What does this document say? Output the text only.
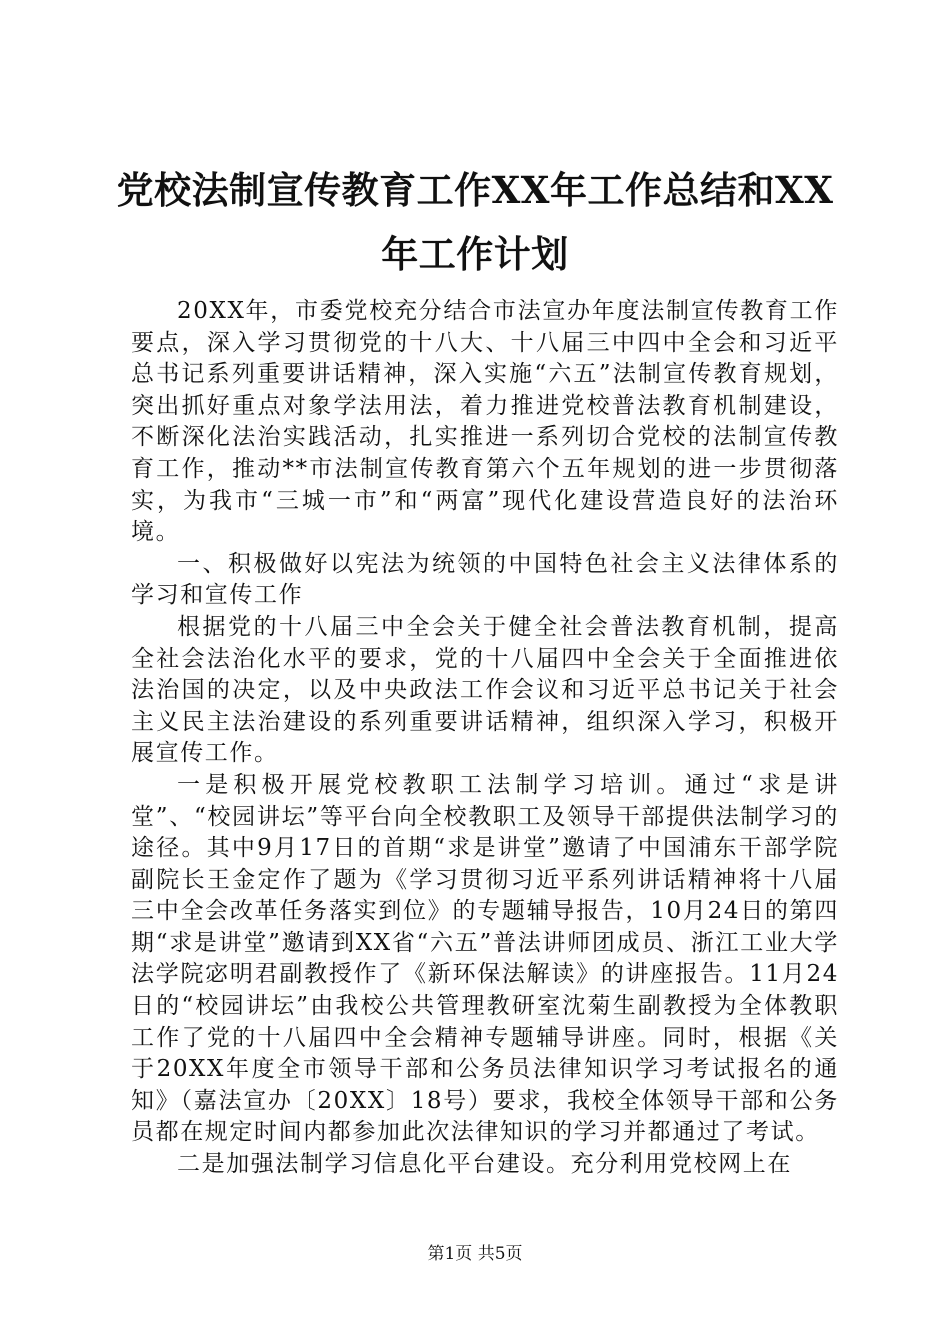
党校法制宣传教育工作XX年工作总结和XX年工作计划

20XX年，市委党校充分结合市法宣办年度法制宣传教育工作要点，深入学习贯彻党的十八大、十八届三中四中全会和习近平总书记系列重要讲话精神，深入实施“六五”法制宣传教育规划，突出抓好重点对象学法用法，着力推进党校普法教育机制建设，不断深化法治实践活动，扎实推进一系列切合党校的法制宣传教育工作，推动**市法制宣传教育第六个五年规划的进一步贯彻落实，为我市“三城一市”和“两富”现代化建设营造良好的法治环境。

一、积极做好以宪法为统领的中国特色社会主义法律体系的学习和宣传工作

根据党的十八届三中全会关于健全社会普法教育机制，提高全社会法治化水平的要求，党的十八届四中全会关于全面推进依法治国的决定，以及中央政法工作会议和习近平总书记关于社会主义民主法治建设的系列重要讲话精神，组织深入学习，积极开展宣传工作。

一是积极开展党校教职工法制学习培训。通过“求是讲堂”、“校园讲坛”等平台向全校教职工及领导干部提供法制学习的途径。其中9月17日的首期“求是讲堂”邀请了中国浦东干部学院副院长王金定作了题为《学习贯彻习近平系列讲话精神将十八届三中全会改革任务落实到位》的专题辅导报告，10月24日的第四期“求是讲堂”邀请到XX省“六五”普法讲师团成员、浙江工业大学法学院宓明君副教授作了《新环保法解读》的讲座报告。11月24日的“校园讲坛”由我校公共管理教研室沈菊生副教授为全体教职工作了党的十八届四中全会精神专题辅导讲座。同时，根据《关于20XX年度全市领导干部和公务员法律知识学习考试报名的通知》（嘉法宣办〔20XX〕18号）要求，我校全体领导干部和公务员都在规定时间内都参加此次法律知识的学习并都通过了考试。

二是加强法制学习信息化平台建设。充分利用党校网上在

第1页 共5页
